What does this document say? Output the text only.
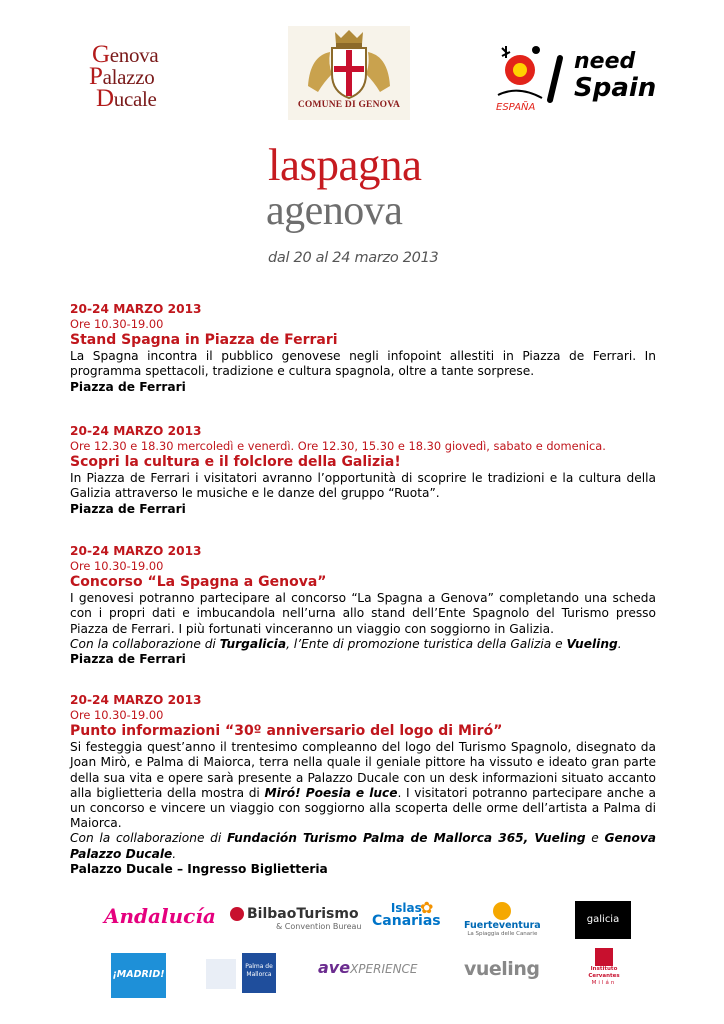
Genova
Palazzo
Ducale	COMUNE DI GENOVA	ESPAÑA
need
Spain
laspagna
agenova
dal 20 al 24 marzo 2013
20-24 MARZO 2013
Ore 10.30-19.00
Stand Spagna in Piazza de Ferrari
La Spagna incontra il pubblico genovese negli infopoint allestiti in Piazza de Ferrari. In programma spettacoli, tradizione e cultura spagnola, oltre a tante sorprese.
Piazza de Ferrari
20-24 MARZO 2013
Ore 12.30 e 18.30 mercoledì e venerdì. Ore 12.30, 15.30 e 18.30 giovedì, sabato e domenica.
Scopri la cultura e il folclore della Galizia!
In Piazza de Ferrari i visitatori avranno l’opportunità di scoprire le tradizioni e la cultura della Galizia attraverso le musiche e le danze del gruppo “Ruota”.
Piazza de Ferrari
20-24 MARZO 2013
Ore 10.30-19.00
Concorso “La Spagna a Genova”
I genovesi potranno partecipare al concorso “La Spagna a Genova” completando una scheda con i propri dati e imbucandola nell’urna allo stand dell’Ente Spagnolo del Turismo presso Piazza de Ferrari. I più fortunati vinceranno un viaggio con soggiorno in Galizia.
Con la collaborazione di Turgalicia, l’Ente di promozione turistica della Galizia e Vueling.
Piazza de Ferrari
20-24 MARZO 2013
Ore 10.30-19.00
Punto informazioni “30º anniversario del logo di Miró”
Si festeggia quest’anno il trentesimo compleanno del logo del Turismo Spagnolo, disegnato da Joan Mirò, e Palma di Maiorca, terra nella quale il geniale pittore ha vissuto e ideato gran parte della sua vita e opere sarà presente a Palazzo Ducale con un desk informazioni situato accanto alla biglietteria della mostra di Miró! Poesia e luce. I visitatori potranno partecipare anche a un concorso e vincere un viaggio con soggiorno alla scoperta delle orme dell’artista a Palma di Maiorca.
Con la collaborazione di Fundación Turismo Palma de Mallorca 365, Vueling e Genova Palazzo Ducale.
Palazzo Ducale – Ingresso Biglietteria
Andalucía BilbaoTurismo
& Convention Bureau
Islas
Canarias
✿
Fuerteventura
La Spiaggia delle Canarie
galicia
¡MADRID!
Palma de Mallorca	aveXPERIENCE vueling	Instituto
Cervantes
Milán
